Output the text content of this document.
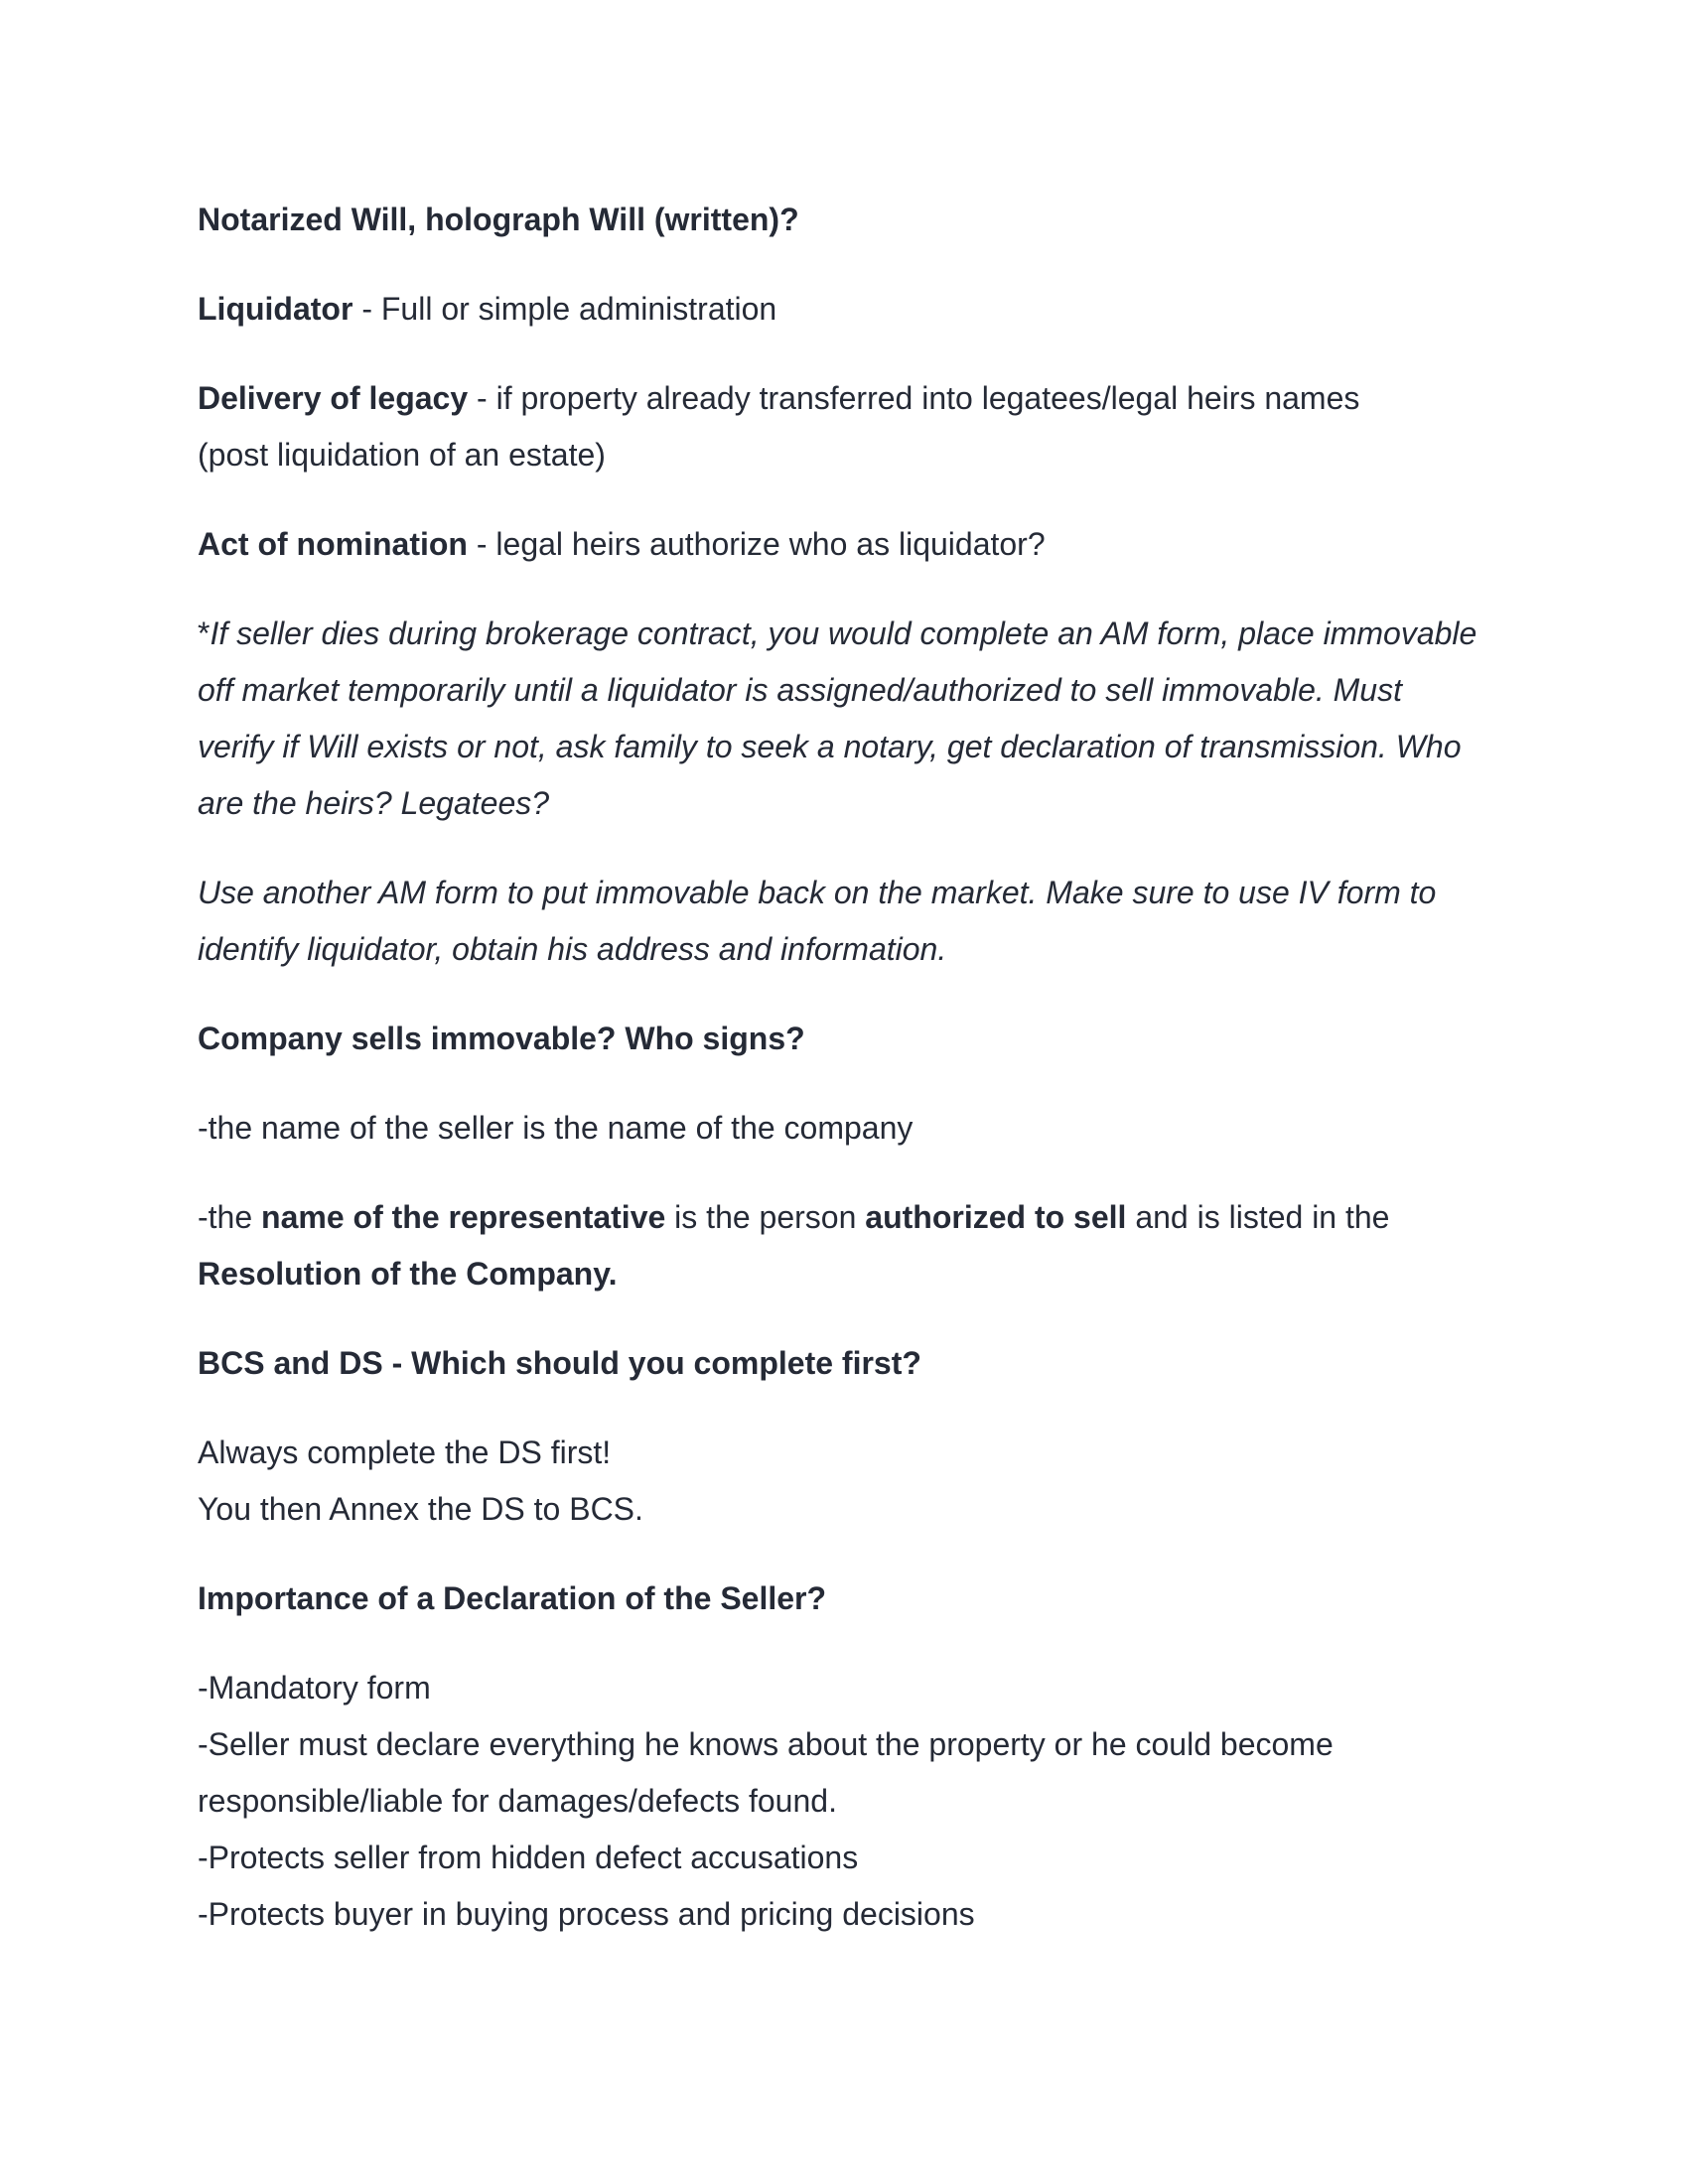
Notarized Will, holograph Will (written)?

Liquidator - Full or simple administration

Delivery of legacy - if property already transferred into legatees/legal heirs names
(post liquidation of an estate)

Act of nomination - legal heirs authorize who as liquidator?

*If seller dies during brokerage contract, you would complete an AM form, place immovable off market temporarily until a liquidator is assigned/authorized to sell immovable. Must verify if Will exists or not, ask family to seek a notary, get declaration of transmission. Who are the heirs? Legatees?

Use another AM form to put immovable back on the market. Make sure to use IV form to identify liquidator, obtain his address and information.

Company sells immovable? Who signs?

-the name of the seller is the name of the company

-the name of the representative is the person authorized to sell and is listed in the Resolution of the Company.

BCS and DS - Which should you complete first?

Always complete the DS first!
You then Annex the DS to BCS.

Importance of a Declaration of the Seller?

-Mandatory form

-Seller must declare everything he knows about the property or he could become responsible/liable for damages/defects found.

-Protects seller from hidden defect accusations

-Protects buyer in buying process and pricing decisions
